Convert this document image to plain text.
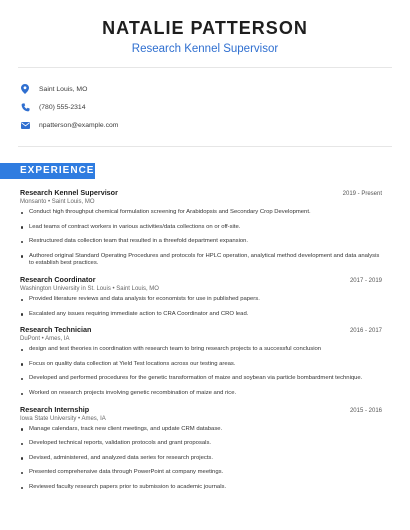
NATALIE PATTERSON
Research Kennel Supervisor
Saint Louis, MO
(780) 555-2314
npatterson@example.com
EXPERIENCE
Research Kennel Supervisor	2019 - Present
Monsanto • Saint Louis, MO
Conduct high throughput chemical formulation screening for Arabidopsis and Secondary Crop Development.
Lead teams of contract workers in various activities/data collections on or off-site.
Restructured data collection team that resulted in a threefold department expansion.
Authored original Standard Operating Procedures and protocols for HPLC operation, analytical method development and data analysis to establish best practices.
Research Coordinator	2017 - 2019
Washington University in St. Louis • Saint Louis, MO
Provided literature reviews and data analysis for economists for use in published papers.
Escalated any issues requiring immediate action to CRA Coordinator and CRO lead.
Research Technician	2016 - 2017
DuPont • Ames, IA
design and test theories in coordination with research team to bring research projects to a successful conclusion
Focus on quality data collection at Yield Test locations across our testing areas.
Developed and performed procedures for the genetic transformation of maize and soybean via particle bombardment technique.
Worked on research projects involving genetic recombination of maize and rice.
Research Internship	2015 - 2016
Iowa State University • Ames, IA
Manage calendars, track new client meetings, and update CRM database.
Developed technical reports, validation protocols and grant proposals.
Devised, administered, and analyzed data series for research projects.
Presented comprehensive data through PowerPoint at company meetings.
Reviewed faculty research papers prior to submission to academic journals.
